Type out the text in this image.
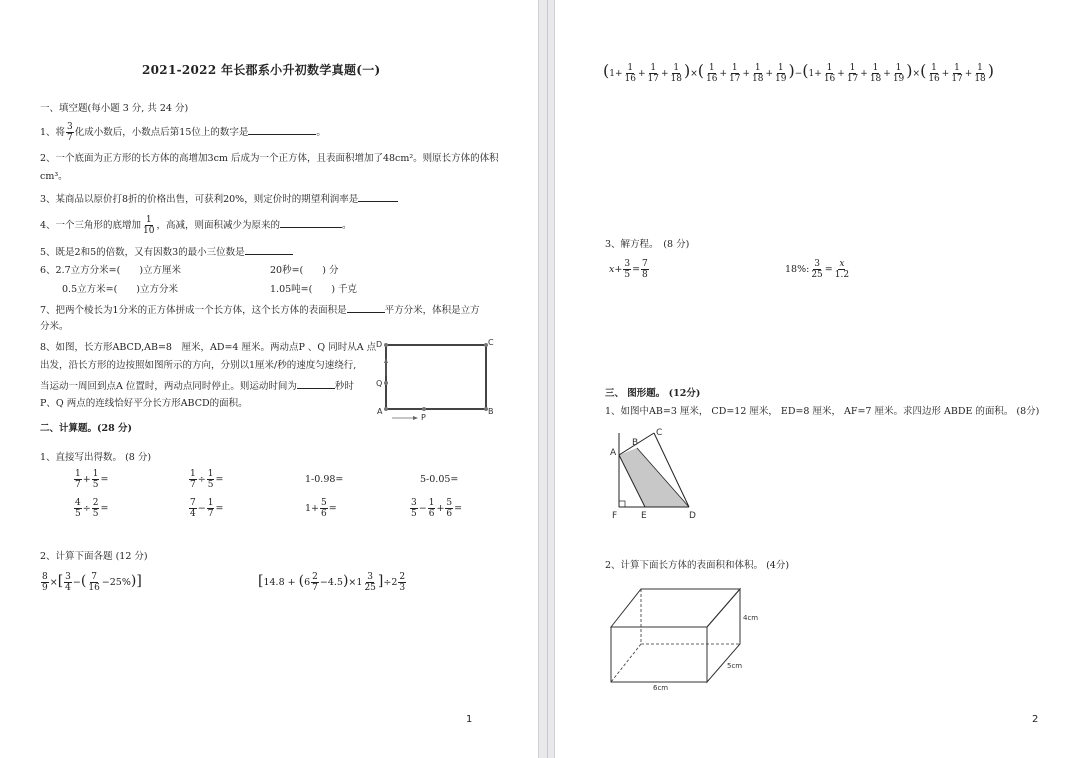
2021-2022 年长郡系小升初数学真题(一)
一、填空题(每小题 3 分, 共 24 分)
1、将 $\frac{3}{7}$ 化成小数后，小数点后第15位上的数字是	。
2、一个底面为正方形的长方体的高增加3cm 后成为一个正方体，且表面积增加了48cm²。则原长方体的体积
cm³。
3、某商品以原价打8折的价格出售，可获利20%，则定价时的期望利润率是
4、一个三角形的底增加 $\frac{1}{10}$ ，高减，则面积减少为原来的	。
5、既是2和5的倍数，又有因数3的最小三位数是
6、2.7立方分米=(　　)立方厘米	20秒=(　　) 分
0.5立方米=(　　)立方分米	1.05吨=(　　) 千克
7、把两个棱长为1分米的正方体拼成一个长方体，这个长方体的表面积是	平方分米，体积是立方
分米。
8、如图，长方形ABCD,AB=8　厘米，AD=4 厘米。两动点P 、Q 同时从A 点
出发，沿长方形的边按照如图所示的方向，分别以1厘米/秒的速度匀速绕行,
当运动一周回到点A 位置时，两动点同时停止。则运动时间为	秒时
P、Q 两点的连线恰好平分长方形ABCD的面积。
D	C
Q
A	B
P
二、计算题。(28 分)
1、直接写出得数。 (8 分)
$\frac{1}{7} + \frac{1}{5}$ =	$\frac{1}{7} \div \frac{1}{5}$ =	1-0.98=	5-0.05=
$\frac{4}{5} \div \frac{2}{5}$ =	$\frac{7}{4} - \frac{1}{7}$ =	$1+ \frac{5}{6}$ =	$\frac{3}{5} - \frac{1}{6} + \frac{5}{6}$ =
2、计算下面各题 (12 分)
$\frac{8}{9}$ ×[ $\frac{3}{4}$ −( $\frac{7}{16} -25\%$)]	$[14.8 + (6 \frac{2}{7} -4.5)\times 1 \frac{3}{25} ]\div 2 \frac{2}{3}$
1
($1+ \frac{1}{16} + \frac{1}{17} + \frac{1}{18}$ )×( $\frac{1}{16} + \frac{1}{17} + \frac{1}{18} + \frac{1}{19} )-(1+ \frac{1}{16} + \frac{1}{17} + \frac{1}{18} + \frac{1}{19}$ )×( $\frac{1}{16} + \frac{1}{17} + \frac{1}{18}$ )
3、解方程。　(8 分)
$x+ \frac{3}{5} = \frac{7}{8}$	18%: $\frac{3}{25} = \frac{x}{1.2}$
三、 图形题。 (12分)
1、如图中AB=3 厘米， CD=12 厘米， ED=8 厘米， AF=7 厘米。求四边形 ABDE 的面积。 (8分)
A
B
C
D
E
F
2、计算下面长方体的表面积和体积。 (4分)
4cm
5cm
6cm
2
